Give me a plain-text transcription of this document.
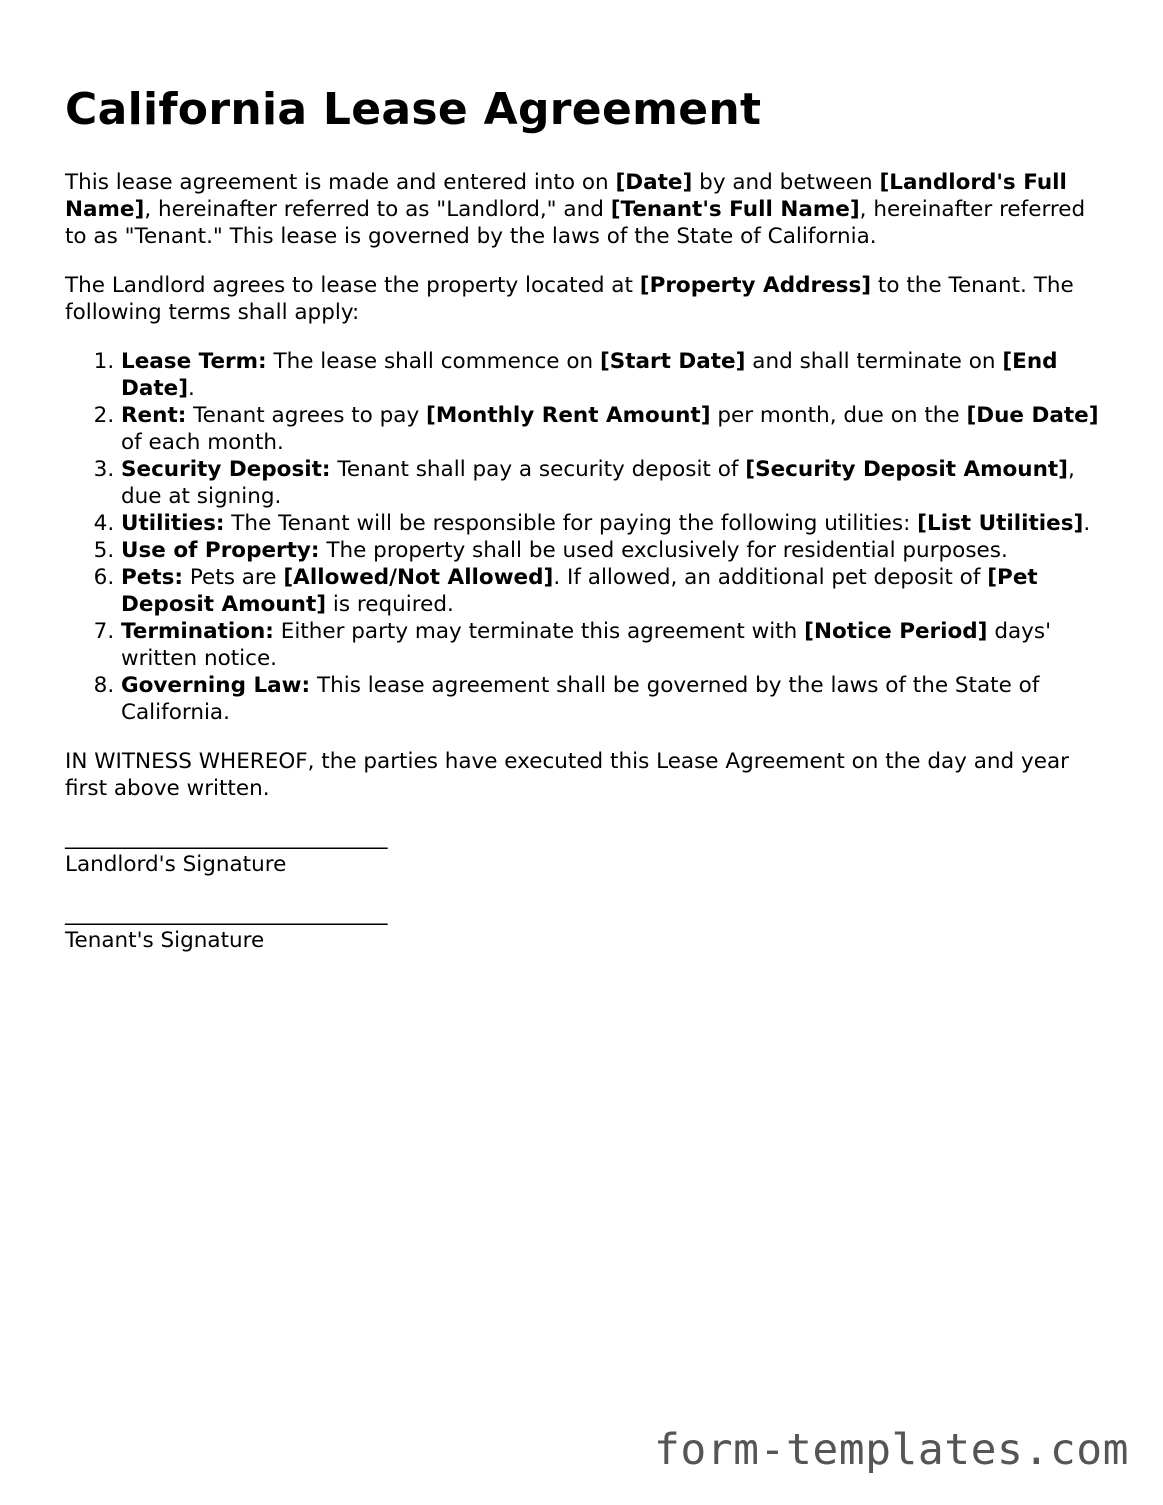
California Lease Agreement

This lease agreement is made and entered into on [Date] by and between [Landlord's Full Name], hereinafter referred to as "Landlord," and [Tenant's Full Name], hereinafter referred to as "Tenant." This lease is governed by the laws of the State of California.

The Landlord agrees to lease the property located at [Property Address] to the Tenant. The following terms shall apply:

1. Lease Term: The lease shall commence on [Start Date] and shall terminate on [End Date].
2. Rent: Tenant agrees to pay [Monthly Rent Amount] per month, due on the [Due Date] of each month.
3. Security Deposit: Tenant shall pay a security deposit of [Security Deposit Amount], due at signing.
4. Utilities: The Tenant will be responsible for paying the following utilities: [List Utilities].
5. Use of Property: The property shall be used exclusively for residential purposes.
6. Pets: Pets are [Allowed/Not Allowed]. If allowed, an additional pet deposit of [Pet Deposit Amount] is required.
7. Termination: Either party may terminate this agreement with [Notice Period] days' written notice.
8. Governing Law: This lease agreement shall be governed by the laws of the State of California.

IN WITNESS WHEREOF, the parties have executed this Lease Agreement on the day and year first above written.

______________________________
Landlord's Signature
______________________________
Tenant's Signature
form-templates.com
